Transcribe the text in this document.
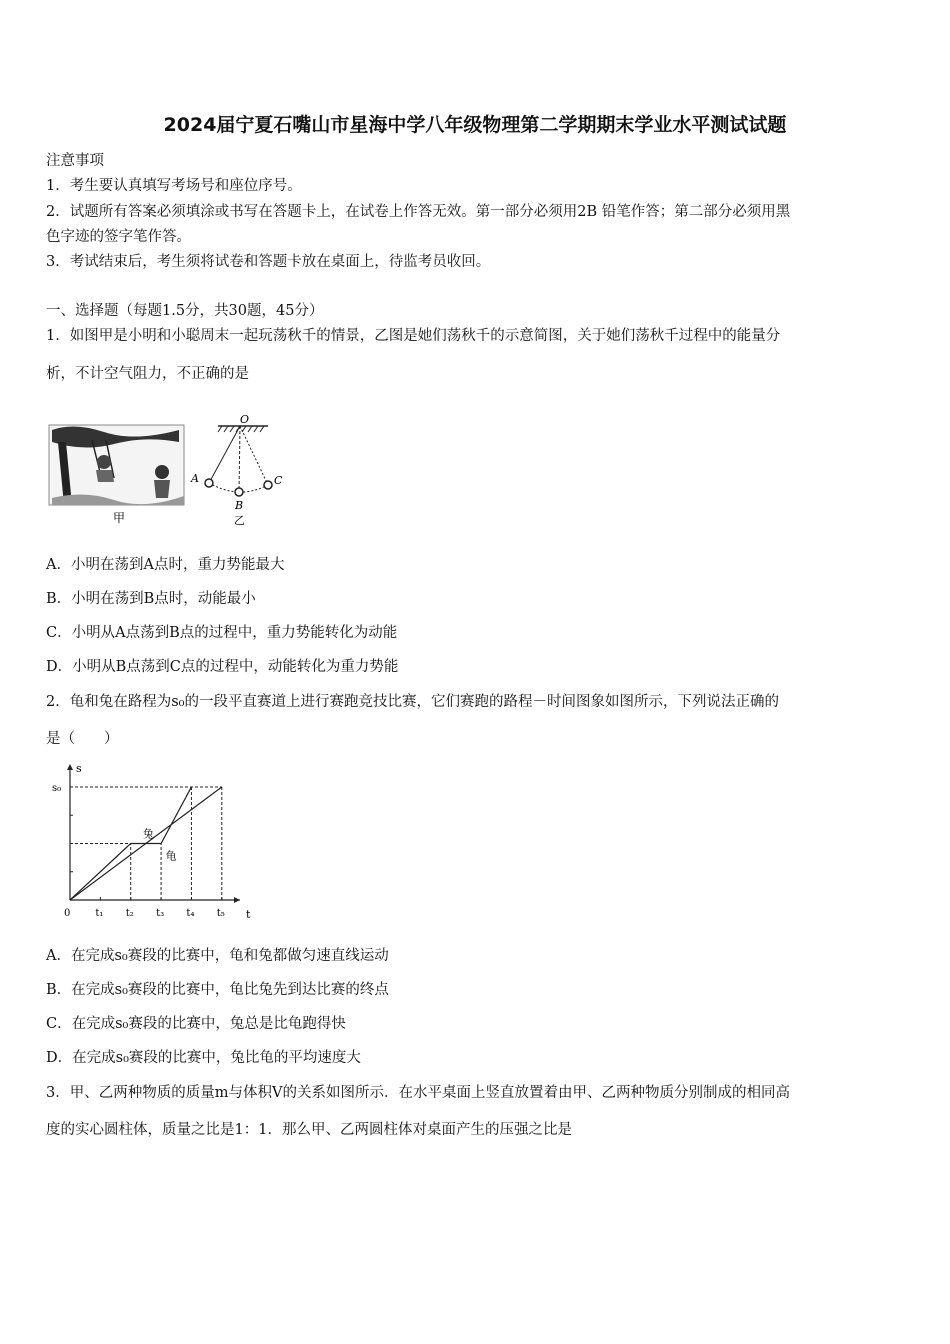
2024届宁夏石嘴山市星海中学八年级物理第二学期期末学业水平测试试题
注意事项
1．考生要认真填写考场号和座位序号。
2．试题所有答案必须填涂或书写在答题卡上，在试卷上作答无效。第一部分必须用2B 铅笔作答；第二部分必须用黑
色字迹的签字笔作答。
3．考试结束后，考生须将试卷和答题卡放在桌面上，待监考员收回。
一、选择题（每题1.5分，共30题，45分）
1．如图甲是小明和小聪周末一起玩荡秋千的情景，乙图是她们荡秋千的示意简图，关于她们荡秋千过程中的能量分
析，不计空气阻力，不正确的是
甲
O
A
B
C
乙
A．小明在荡到A点时，重力势能最大
B．小明在荡到B点时，动能最小
C．小明从A点荡到B点的过程中，重力势能转化为动能
D．小明从B点荡到C点的过程中，动能转化为重力势能
2．龟和兔在路程为s₀的一段平直赛道上进行赛跑竞技比赛，它们赛跑的路程－时间图象如图所示，下列说法正确的
是（　　）
s
t
s₀
0 t₁ t₂ t₃ t₄ t₅
兔
龟
A．在完成s₀赛段的比赛中，龟和兔都做匀速直线运动
B．在完成s₀赛段的比赛中，龟比兔先到达比赛的终点
C．在完成s₀赛段的比赛中，兔总是比龟跑得快
D．在完成s₀赛段的比赛中，兔比龟的平均速度大
3．甲、乙两种物质的质量m与体积V的关系如图所示．在水平桌面上竖直放置着由甲、乙两种物质分别制成的相同高
度的实心圆柱体，质量之比是1：1．那么甲、乙两圆柱体对桌面产生的压强之比是
